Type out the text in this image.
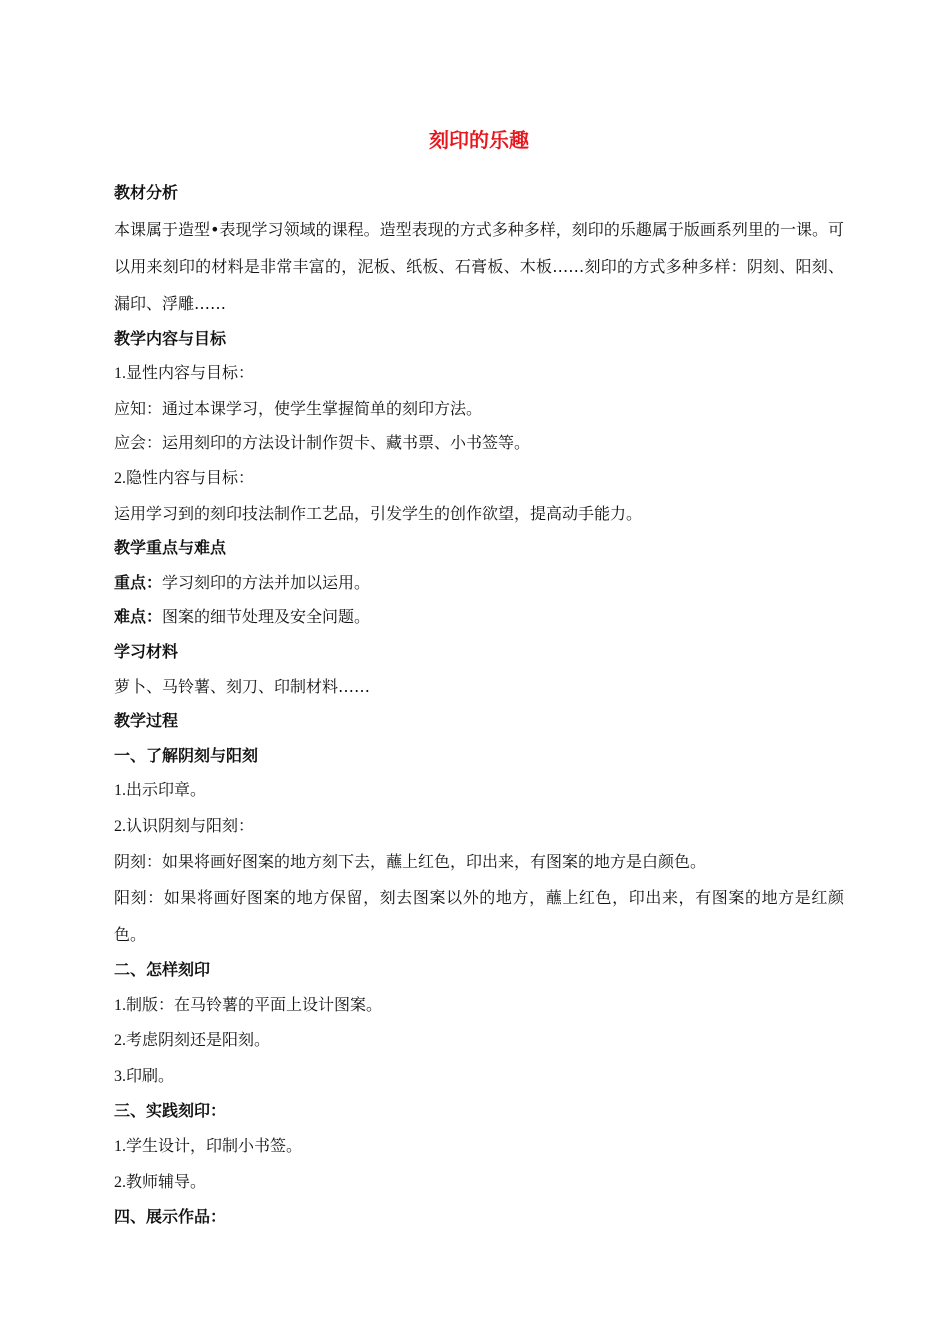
刻印的乐趣
教材分析
本课属于造型•表现学习领域的课程。造型表现的方式多种多样，刻印的乐趣属于版画系列里的一课。可以用来刻印的材料是非常丰富的，泥板、纸板、石膏板、木板……刻印的方式多种多样：阴刻、阳刻、漏印、浮雕……
教学内容与目标
1.显性内容与目标：
应知：通过本课学习，使学生掌握简单的刻印方法。
应会：运用刻印的方法设计制作贺卡、藏书票、小书签等。
2.隐性内容与目标：
运用学习到的刻印技法制作工艺品，引发学生的创作欲望，提高动手能力。
教学重点与难点
重点：学习刻印的方法并加以运用。
难点：图案的细节处理及安全问题。
学习材料
萝卜、马铃薯、刻刀、印制材料……
教学过程
一、了解阴刻与阳刻
1.出示印章。
2.认识阴刻与阳刻：
阴刻：如果将画好图案的地方刻下去，蘸上红色，印出来，有图案的地方是白颜色。
阳刻：如果将画好图案的地方保留，刻去图案以外的地方，蘸上红色，印出来，有图案的地方是红颜色。
二、怎样刻印
1.制版：在马铃薯的平面上设计图案。
2.考虑阴刻还是阳刻。
3.印刷。
三、实践刻印：
1.学生设计，印制小书签。
2.教师辅导。
四、展示作品：
